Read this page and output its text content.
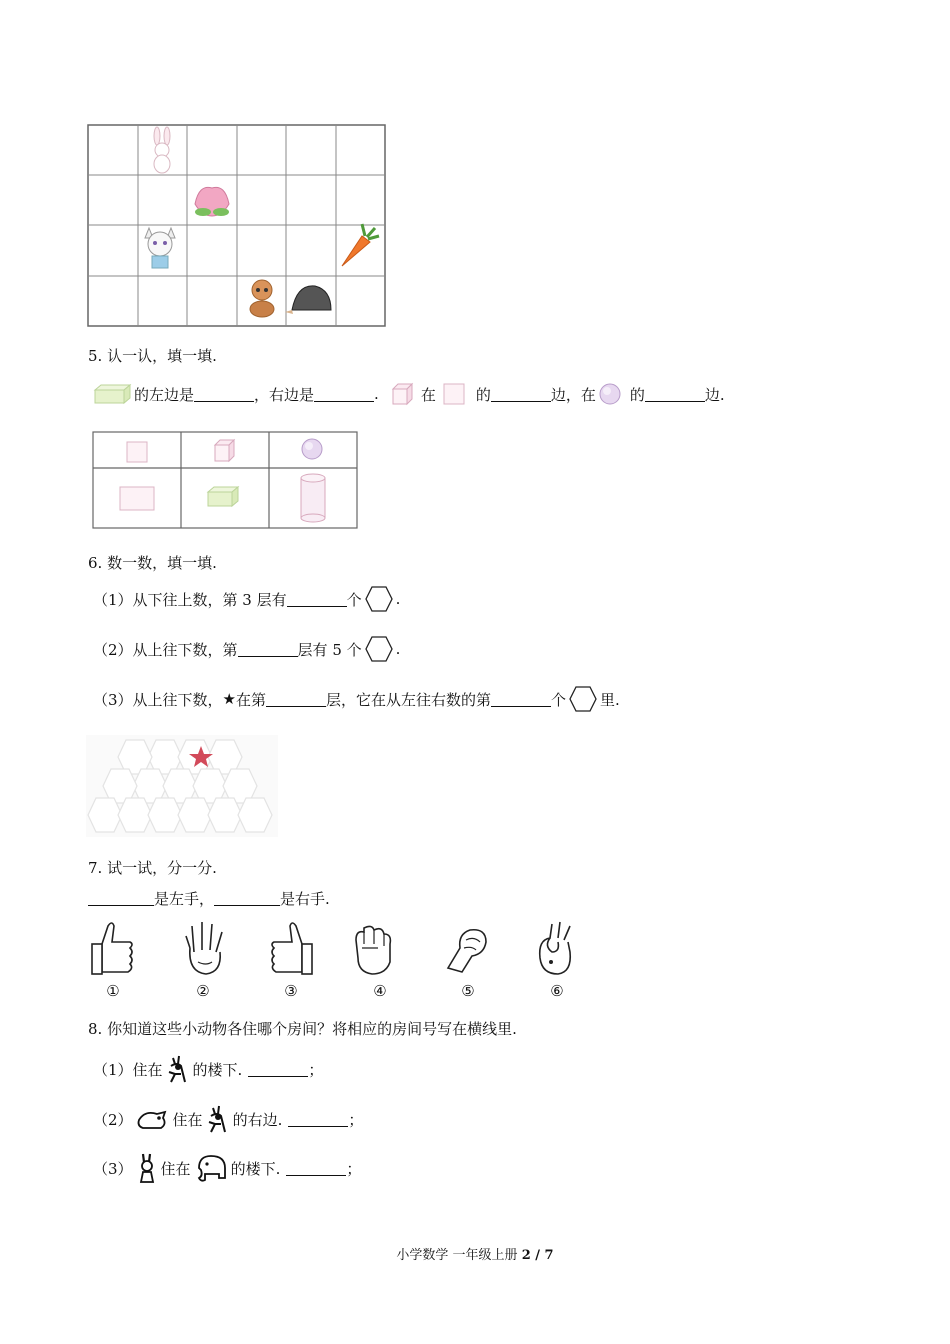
5. 认一认，填一填.
的左边是	，右边是	.	在	的	边，在 的	边.
6. 数一数，填一填.
（1）从下往上数，第 3 层有	个 .
（2）从上往下数，第	层有 5 个 .
（3）从上往下数， ★ 在第	层，它在从左往右数的第	个 里.
7. 试一试，分一分.
是左手，	是右手.
①	②	③	④	⑤	⑥
8. 你知道这些小动物各住哪个房间？将相应的房间号写在横线里.
（1）住在 的楼下.	；
（2）	住在 的右边.	；
（3） 住在	的楼下.	；
小学数学 一年级上册 2 / 7
